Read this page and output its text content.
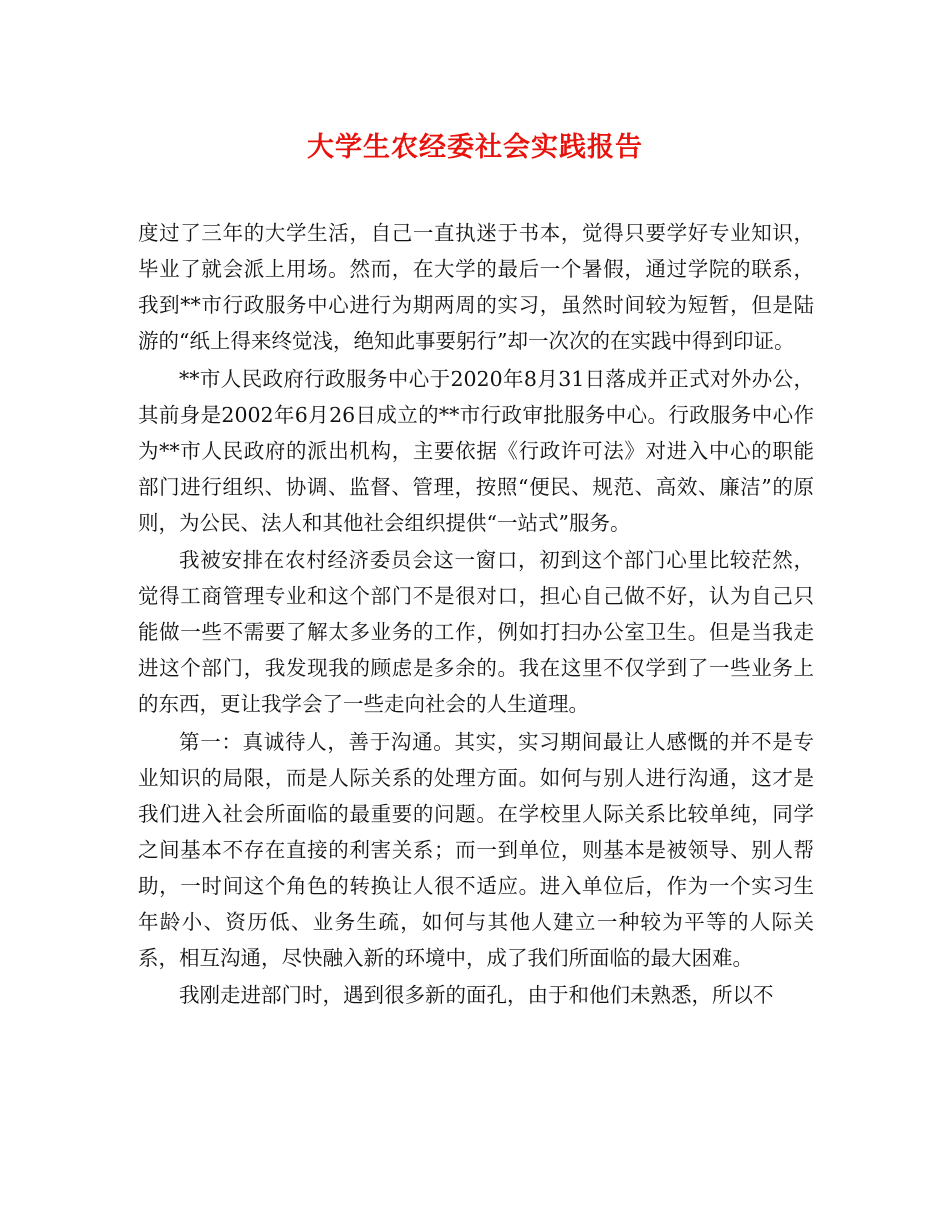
大学生农经委社会实践报告

度过了三年的大学生活，自己一直执迷于书本，觉得只要学好专业知识，毕业了就会派上用场。然而，在大学的最后一个暑假，通过学院的联系，我到**市行政服务中心进行为期两周的实习，虽然时间较为短暂，但是陆游的“纸上得来终觉浅，绝知此事要躬行”却一次次的在实践中得到印证。

**市人民政府行政服务中心于2020年8月31日落成并正式对外办公，其前身是2002年6月26日成立的**市行政审批服务中心。行政服务中心作为**市人民政府的派出机构，主要依据《行政许可法》对进入中心的职能部门进行组织、协调、监督、管理，按照“便民、规范、高效、廉洁”的原则，为公民、法人和其他社会组织提供“一站式”服务。

我被安排在农村经济委员会这一窗口，初到这个部门心里比较茫然，觉得工商管理专业和这个部门不是很对口，担心自己做不好，认为自己只能做一些不需要了解太多业务的工作，例如打扫办公室卫生。但是当我走进这个部门，我发现我的顾虑是多余的。我在这里不仅学到了一些业务上的东西，更让我学会了一些走向社会的人生道理。

第一：真诚待人，善于沟通。其实，实习期间最让人感慨的并不是专业知识的局限，而是人际关系的处理方面。如何与别人进行沟通，这才是我们进入社会所面临的最重要的问题。在学校里人际关系比较单纯，同学之间基本不存在直接的利害关系；而一到单位，则基本是被领导、别人帮助，一时间这个角色的转换让人很不适应。进入单位后，作为一个实习生年龄小、资历低、业务生疏，如何与其他人建立一种较为平等的人际关系，相互沟通，尽快融入新的环境中，成了我们所面临的最大困难。

我刚走进部门时，遇到很多新的面孔，由于和他们未熟悉，所以不
